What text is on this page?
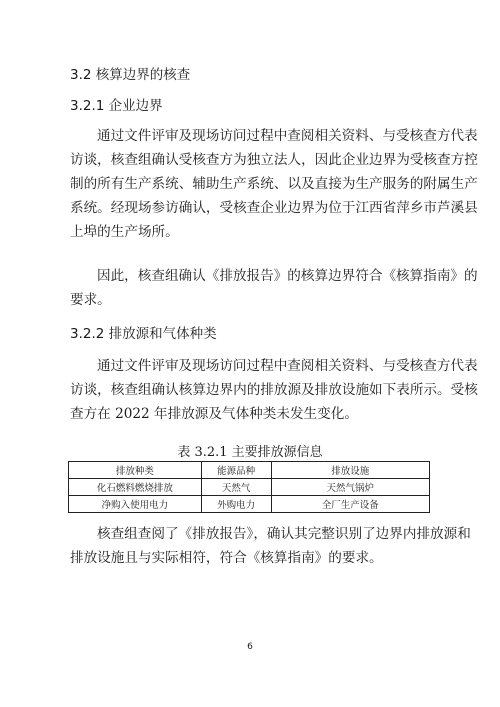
3.2 核算边界的核查
3.2.1 企业边界
通过文件评审及现场访问过程中查阅相关资料、与受核查方代表
访谈，核查组确认受核查方为独立法人，因此企业边界为受核查方控
制的所有生产系统、辅助生产系统、以及直接为生产服务的附属生产
系统。经现场参访确认，受核查企业边界为位于江西省萍乡市芦溪县
上埠的生产场所。
因此，核查组确认《排放报告》的核算边界符合《核算指南》的
要求。
3.2.2 排放源和气体种类
通过文件评审及现场访问过程中查阅相关资料、与受核查方代表
访谈，核查组确认核算边界内的排放源及排放设施如下表所示。受核
查方在 2022 年排放源及气体种类未发生变化。
表 3.2.1 主要排放源信息
排放种类	能源品种	排放设施
化石燃料燃烧排放	天然气	天然气锅炉
净购入使用电力	外购电力	全厂生产设备
核查组查阅了《排放报告》，确认其完整识别了边界内排放源和
排放设施且与实际相符，符合《核算指南》的要求。
6
